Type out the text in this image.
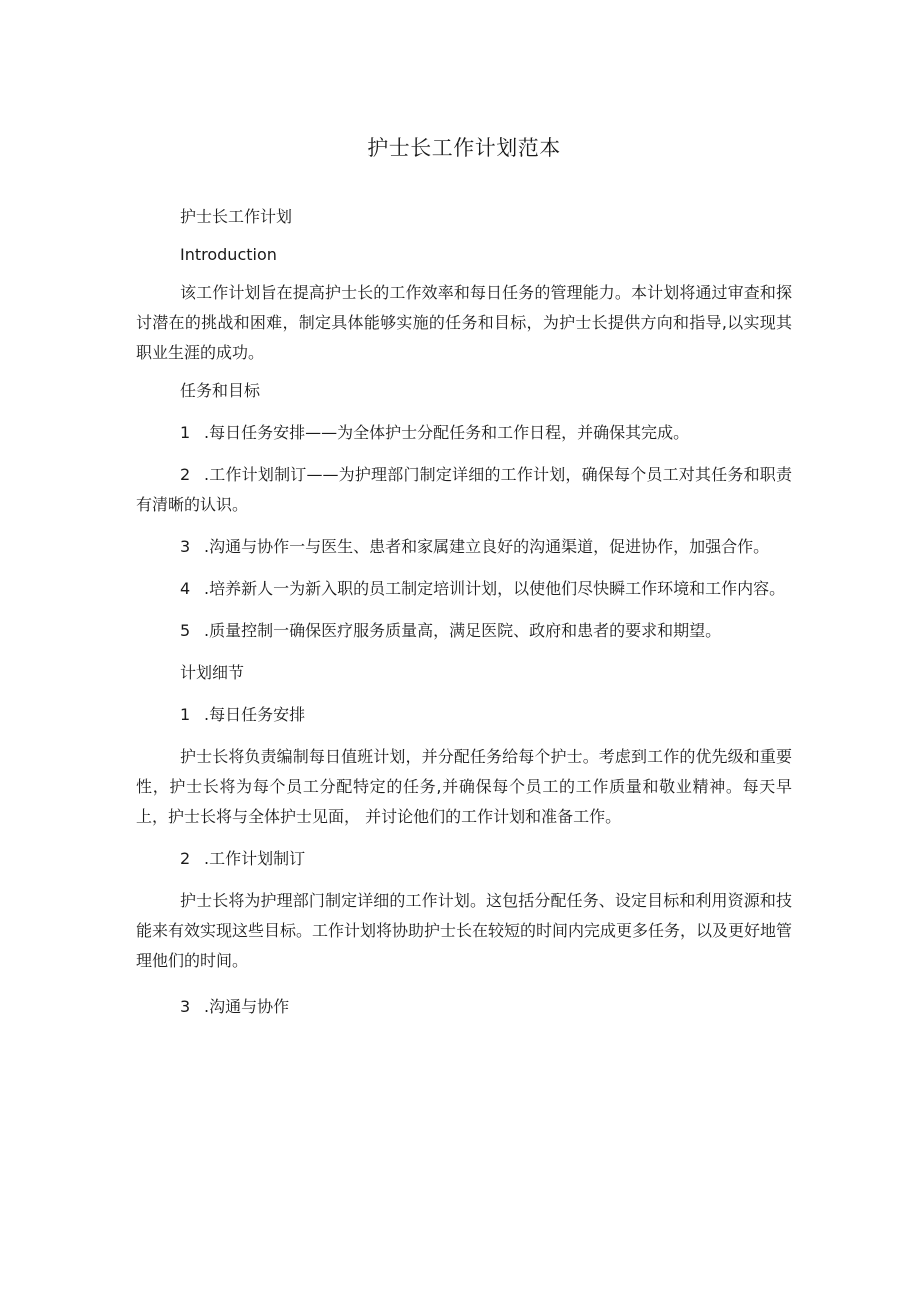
护士长工作计划范本

护士长工作计划

Introduction

该工作计划旨在提高护士长的工作效率和每日任务的管理能力。本计划将通过审查和探讨潜在的挑战和困难，制定具体能够实施的任务和目标，为护士长提供方向和指导,以实现其职业生涯的成功。

任务和目标

1 .每日任务安排——为全体护士分配任务和工作日程，并确保其完成。

2 .工作计划制订——为护理部门制定详细的工作计划，确保每个员工对其任务和职责有清晰的认识。

3 .沟通与协作一与医生、患者和家属建立良好的沟通渠道，促进协作，加强合作。

4 .培养新人一为新入职的员工制定培训计划，以使他们尽快瞬工作环境和工作内容。

5 .质量控制一确保医疗服务质量高，满足医院、政府和患者的要求和期望。

计划细节

1 .每日任务安排

护士长将负责编制每日值班计划，并分配任务给每个护士。考虑到工作的优先级和重要性，护士长将为每个员工分配特定的任务,并确保每个员工的工作质量和敬业精神。每天早上，护士长将与全体护士见面， 并讨论他们的工作计划和准备工作。

2 .工作计划制订

护士长将为护理部门制定详细的工作计划。这包括分配任务、设定目标和利用资源和技能来有效实现这些目标。工作计划将协助护士长在较短的时间内完成更多任务，以及更好地管理他们的时间。

3 .沟通与协作
